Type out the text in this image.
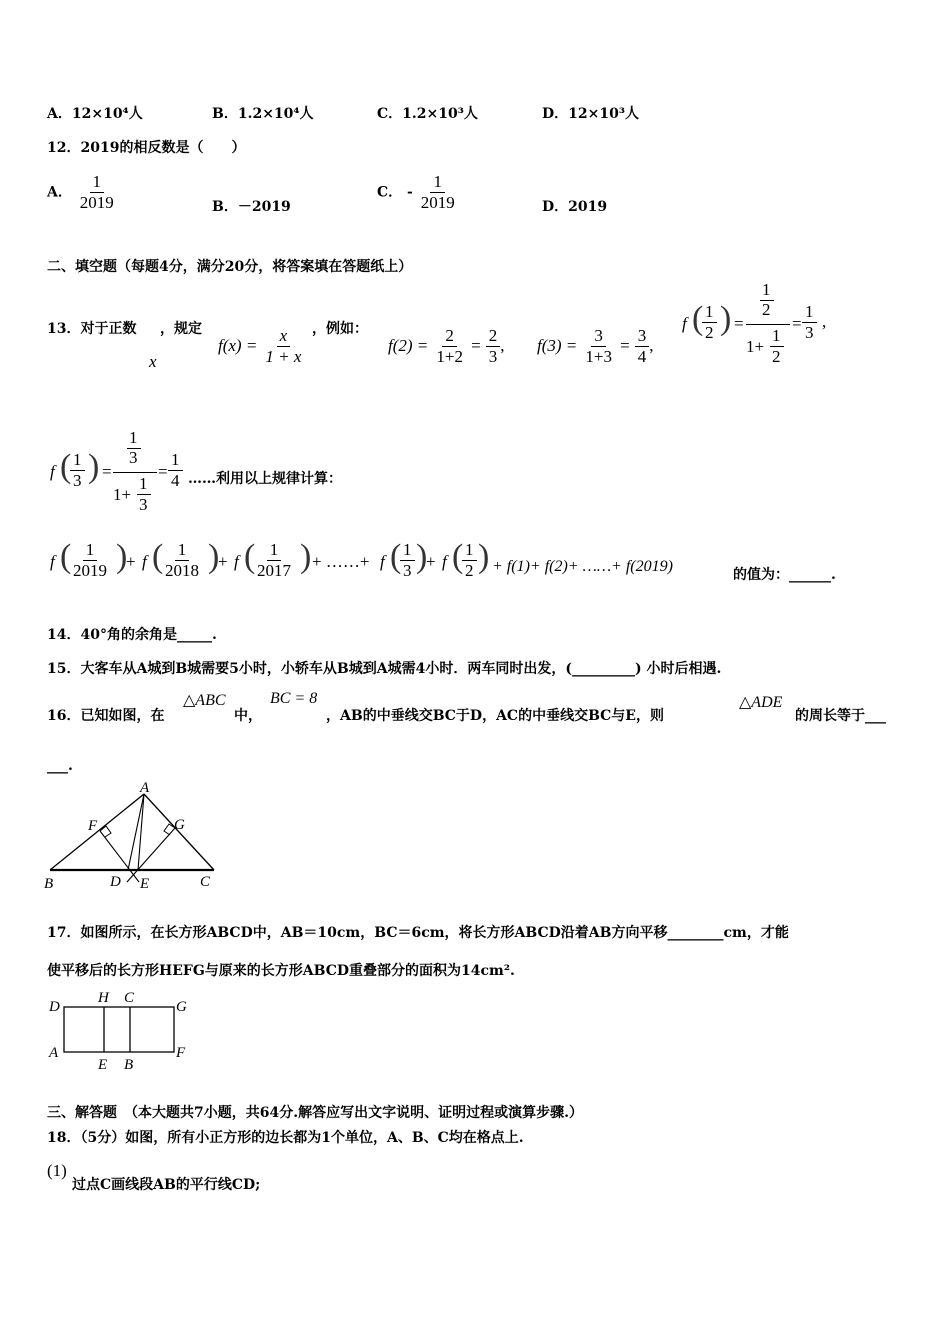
A．12×10⁴人	B．1.2×10⁴人	C．1.2×10³人	D．12×10³人
12．2019的相反数是（　　）
A． $\frac{1}{2019}$	B．－2019
C． - $\frac{1}{2019}$	D．2019
二、填空题（每题4分，满分20分，将答案填在答题纸上）
13．对于正数
x
，规定
$f(x) = \frac{x}{1 + x}$ ，例如：
$f(2) = \frac{2}{1+2} = \frac{2}{3}$ , $f(3) = \frac{3}{1+3} = \frac{3}{4}$ ,
f (
$\frac{1}{2}$ ) =
1
2
1+
1
2
= $\frac{1}{3}$ ,
f (
$\frac{1}{3}$ ) =
1
3
1+
1
3
= $\frac{1}{4}$ ……利用以上规律计算：
f (
$\frac{1}{2019}$ )
+ f (
$\frac{1}{2018}$ )
+ f (
$\frac{1}{2017}$ ) + ……+ f (
$\frac{1}{3}$ )
+ f (
$\frac{1}{2}$ ) + f(1)+ f(2)+ ……+ f(2019)	的值为：______.
14．40°角的余角是_____.
15．大客车从A城到B城需要5小时，小轿车从B城到A城需4小时．两车同时出发，(_________) 小时后相遇.
16．已知如图，在
△ABC
中，
BC = 8
，AB的中垂线交BC于D，AC的中垂线交BC与E，则
△ADE
的周长等于___
___.
A
F	G
B	D E	C
17．如图所示，在长方形ABCD中，AB＝10cm，BC＝6cm，将长方形ABCD沿着AB方向平移________cm，才能
使平移后的长方形HEFG与原来的长方形ABCD重叠部分的面积为14cm².
D
H C
G
A
E B
F
三、解答题　（本大题共7小题，共64分.解答应写出文字说明、证明过程或演算步骤.）
18．（5分）如图，所有小正方形的边长都为1个单位，A、B、C均在格点上.
(1)
过点C画线段AB的平行线CD;
